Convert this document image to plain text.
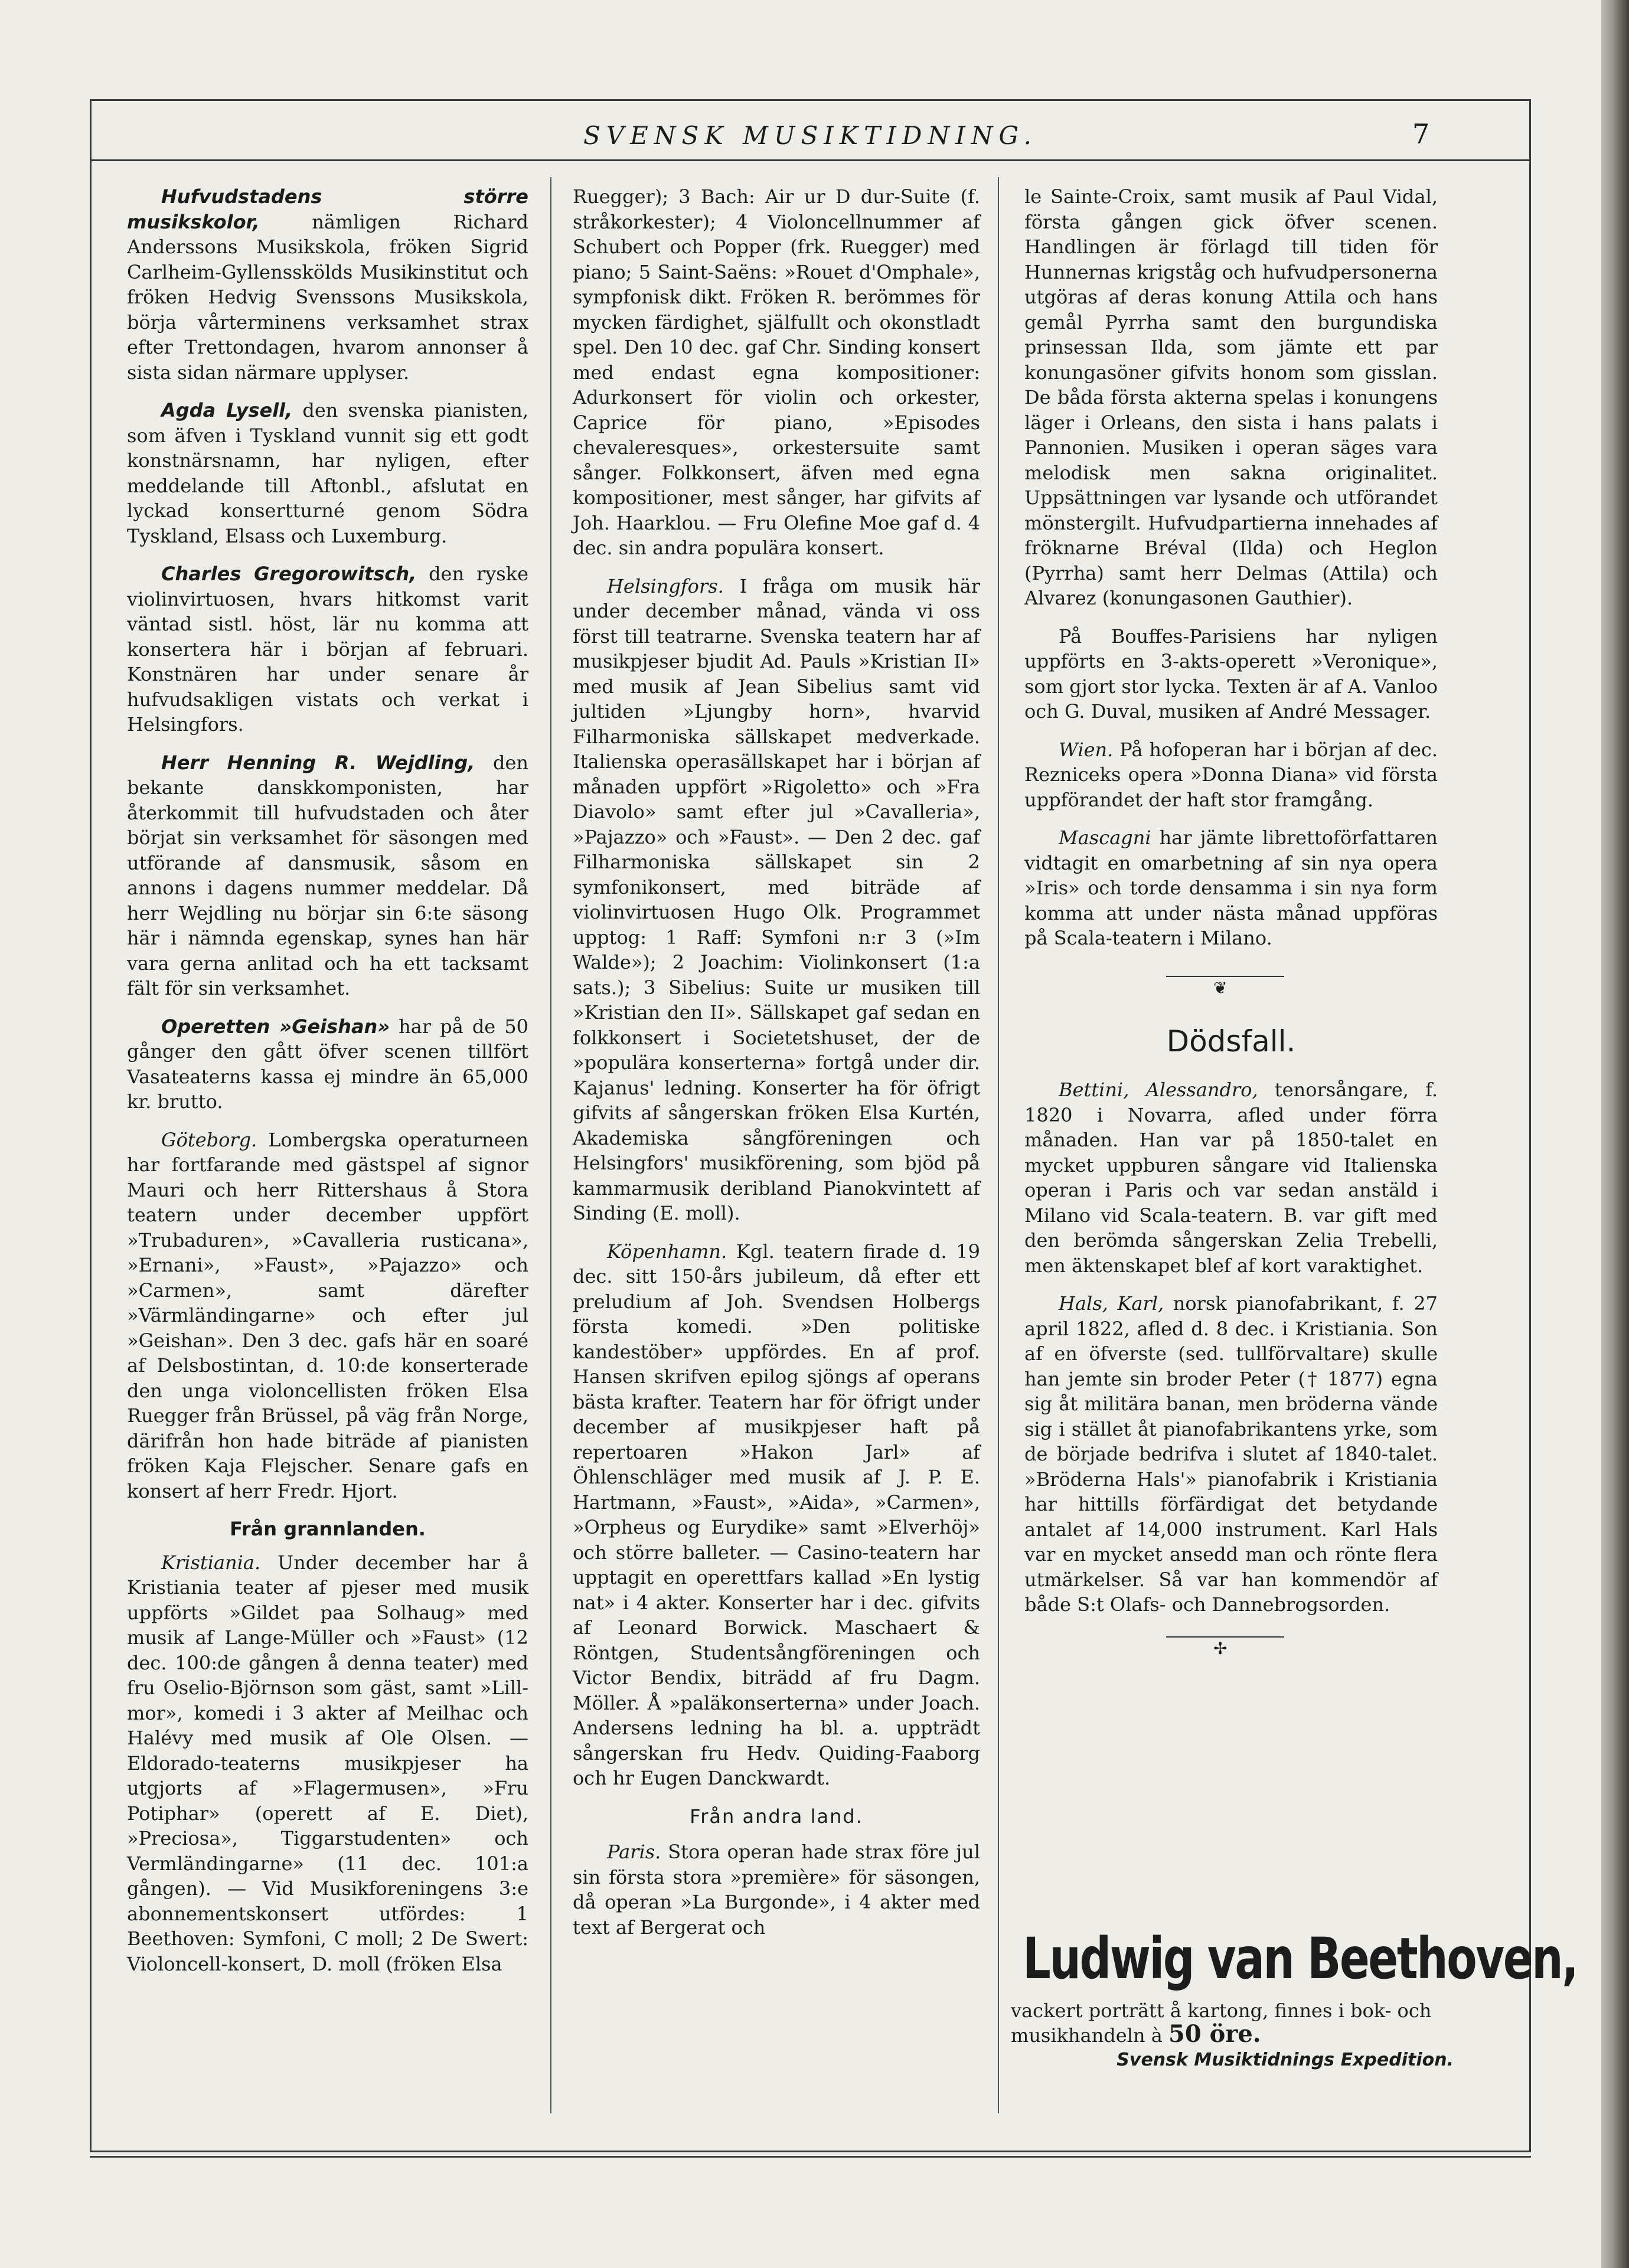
SVENSK MUSIKTIDNING.	7

Hufvudstadens större musikskolor, nämligen Richard Anderssons Musikskola, fröken Sigrid Carlheim-Gyllensskölds Musikinstitut och fröken Hedvig Svenssons Musikskola, börja vårterminens verksamhet strax efter Trettondagen, hvarom annonser å sista sidan närmare upplyser.

Agda Lysell, den svenska pianisten, som äfven i Tyskland vunnit sig ett godt konstnärsnamn, har nyligen, efter meddelande till Aftonbl., afslutat en lyckad konsertturné genom Södra Tyskland, Elsass och Luxemburg.

Charles Gregorowitsch, den ryske violinvirtuosen, hvars hitkomst varit väntad sistl. höst, lär nu komma att konsertera här i början af februari. Konstnären har under senare år hufvudsakligen vistats och verkat i Helsingfors.

Herr Henning R. Wejdling, den bekante danskkomponisten, har återkommit till hufvudstaden och åter börjat sin verksamhet för säsongen med utförande af dansmusik, såsom en annons i dagens nummer meddelar. Då herr Wejdling nu börjar sin 6:te säsong här i nämnda egenskap, synes han här vara gerna anlitad och ha ett tacksamt fält för sin verksamhet.

Operetten »Geishan» har på de 50 gånger den gått öfver scenen tillfört Vasateaterns kassa ej mindre än 65,000 kr. brutto.

Göteborg. Lombergska operaturneen har fortfarande med gästspel af signor Mauri och herr Rittershaus å Stora teatern under december uppfört »Trubaduren», »Cavalleria rusticana», »Ernani», »Faust», »Pajazzo» och »Carmen», samt därefter »Värmländingarne» och efter jul »Geishan». Den 3 dec. gafs här en soaré af Delsbostintan, d. 10:de konserterade den unga violoncellisten fröken Elsa Ruegger från Brüssel, på väg från Norge, därifrån hon hade biträde af pianisten fröken Kaja Flejscher. Senare gafs en konsert af herr Fredr. Hjort.

Från grannlanden.

Kristiania. Under december har å Kristiania teater af pjeser med musik uppförts »Gildet paa Solhaug» med musik af Lange-Müller och »Faust» (12 dec. 100:de gången å denna teater) med fru Oselio-Björnson som gäst, samt »Lill-mor», komedi i 3 akter af Meilhac och Halévy med musik af Ole Olsen. — Eldorado-teaterns musikpjeser ha utgjorts af »Flagermusen», »Fru Potiphar» (operett af E. Diet), »Preciosa», Tiggarstudenten» och Vermländingarne» (11 dec. 101:a gången). — Vid Musikforeningens 3:e abonnementskonsert utfördes: 1 Beethoven: Symfoni, C moll; 2 De Swert: Violoncell-konsert, D. moll (fröken Elsa

Ruegger); 3 Bach: Air ur D dur-Suite (f. stråkorkester); 4 Violoncellnummer af Schubert och Popper (frk. Ruegger) med piano; 5 Saint-Saëns: »Rouet d'Omphale», sympfonisk dikt. Fröken R. berömmes för mycken färdighet, själfullt och okonstladt spel. Den 10 dec. gaf Chr. Sinding konsert med endast egna kompositioner: Adurkonsert för violin och orkester, Caprice för piano, »Episodes chevaleresques», orkestersuite samt sånger. Folkkonsert, äfven med egna kompositioner, mest sånger, har gifvits af Joh. Haarklou. — Fru Olefine Moe gaf d. 4 dec. sin andra populära konsert.

Helsingfors. I fråga om musik här under december månad, vända vi oss först till teatrarne. Svenska teatern har af musikpjeser bjudit Ad. Pauls »Kristian II» med musik af Jean Sibelius samt vid jultiden »Ljungby horn», hvarvid Filharmoniska sällskapet medverkade. Italienska operasällskapet har i början af månaden uppfört »Rigoletto» och »Fra Diavolo» samt efter jul »Cavalleria», »Pajazzo» och »Faust». — Den 2 dec. gaf Filharmoniska sällskapet sin 2 symfonikonsert, med biträde af violinvirtuosen Hugo Olk. Programmet upptog: 1 Raff: Symfoni n:r 3 (»Im Walde»); 2 Joachim: Violinkonsert (1:a sats.); 3 Sibelius: Suite ur musiken till »Kristian den II». Sällskapet gaf sedan en folkkonsert i Societetshuset, der de »populära konserterna» fortgå under dir. Kajanus' ledning. Konserter ha för öfrigt gifvits af sångerskan fröken Elsa Kurtén, Akademiska sångföreningen och Helsingfors' musikförening, som bjöd på kammarmusik deribland Pianokvintett af Sinding (E. moll).

Köpenhamn. Kgl. teatern firade d. 19 dec. sitt 150-års jubileum, då efter ett preludium af Joh. Svendsen Holbergs första komedi. »Den politiske kandestöber» uppfördes. En af prof. Hansen skrifven epilog sjöngs af operans bästa krafter. Teatern har för öfrigt under december af musikpjeser haft på repertoaren »Hakon Jarl» af Öhlenschläger med musik af J. P. E. Hartmann, »Faust», »Aida», »Carmen», »Orpheus og Eurydike» samt »Elverhöj» och större balleter. — Casino-teatern har upptagit en operettfars kallad »En lystig nat» i 4 akter. Konserter har i dec. gifvits af Leonard Borwick. Maschaert & Röntgen, Studentsångföreningen och Victor Bendix, biträdd af fru Dagm. Möller. Å »paläkonserterna» under Joach. Andersens ledning ha bl. a. uppträdt sångerskan fru Hedv. Quiding-Faaborg och hr Eugen Danckwardt.

Från andra land.

Paris. Stora operan hade strax före jul sin första stora »première» för säsongen, då operan »La Burgonde», i 4 akter med text af Bergerat och

le Sainte-Croix, samt musik af Paul Vidal, första gången gick öfver scenen. Handlingen är förlagd till tiden för Hunnernas krigståg och hufvudpersonerna utgöras af deras konung Attila och hans gemål Pyrrha samt den burgundiska prinsessan Ilda, som jämte ett par konungasöner gifvits honom som gisslan. De båda första akterna spelas i konungens läger i Orleans, den sista i hans palats i Pannonien. Musiken i operan säges vara melodisk men sakna originalitet. Uppsättningen var lysande och utförandet mönstergilt. Hufvudpartierna innehades af fröknarne Bréval (Ilda) och Heglon (Pyrrha) samt herr Delmas (Attila) och Alvarez (konungasonen Gauthier).

På Bouffes-Parisiens har nyligen uppförts en 3-akts-operett »Veronique», som gjort stor lycka. Texten är af A. Vanloo och G. Duval, musiken af André Messager.

Wien. På hofoperan har i början af dec. Rezniceks opera »Donna Diana» vid första uppförandet der haft stor framgång.

Mascagni har jämte librettoförfattaren vidtagit en omarbetning af sin nya opera »Iris» och torde densamma i sin nya form komma att under nästa månad uppföras på Scala-teatern i Milano.

❦
Dödsfall.

Bettini, Alessandro, tenorsångare, f. 1820 i Novarra, afled under förra månaden. Han var på 1850-talet en mycket uppburen sångare vid Italienska operan i Paris och var sedan anstäld i Milano vid Scala-teatern. B. var gift med den berömda sångerskan Zelia Trebelli, men äktenskapet blef af kort varaktighet.

Hals, Karl, norsk pianofabrikant, f. 27 april 1822, afled d. 8 dec. i Kristiania. Son af en öfverste (sed. tullförvaltare) skulle han jemte sin broder Peter († 1877) egna sig åt militära banan, men bröderna vände sig i stället åt pianofabrikantens yrke, som de började bedrifva i slutet af 1840-talet. »Bröderna Hals'» pianofabrik i Kristiania har hittills förfärdigat det betydande antalet af 14,000 instrument. Karl Hals var en mycket ansedd man och rönte flera utmärkelser. Så var han kommendör af både S:t Olafs- och Dannebrogsorden.

✢
Ludwig van Beethoven,
vackert porträtt å kartong, finnes i bok- och musikhandeln à 50 öre.
Svensk Musiktidnings Expedition.
